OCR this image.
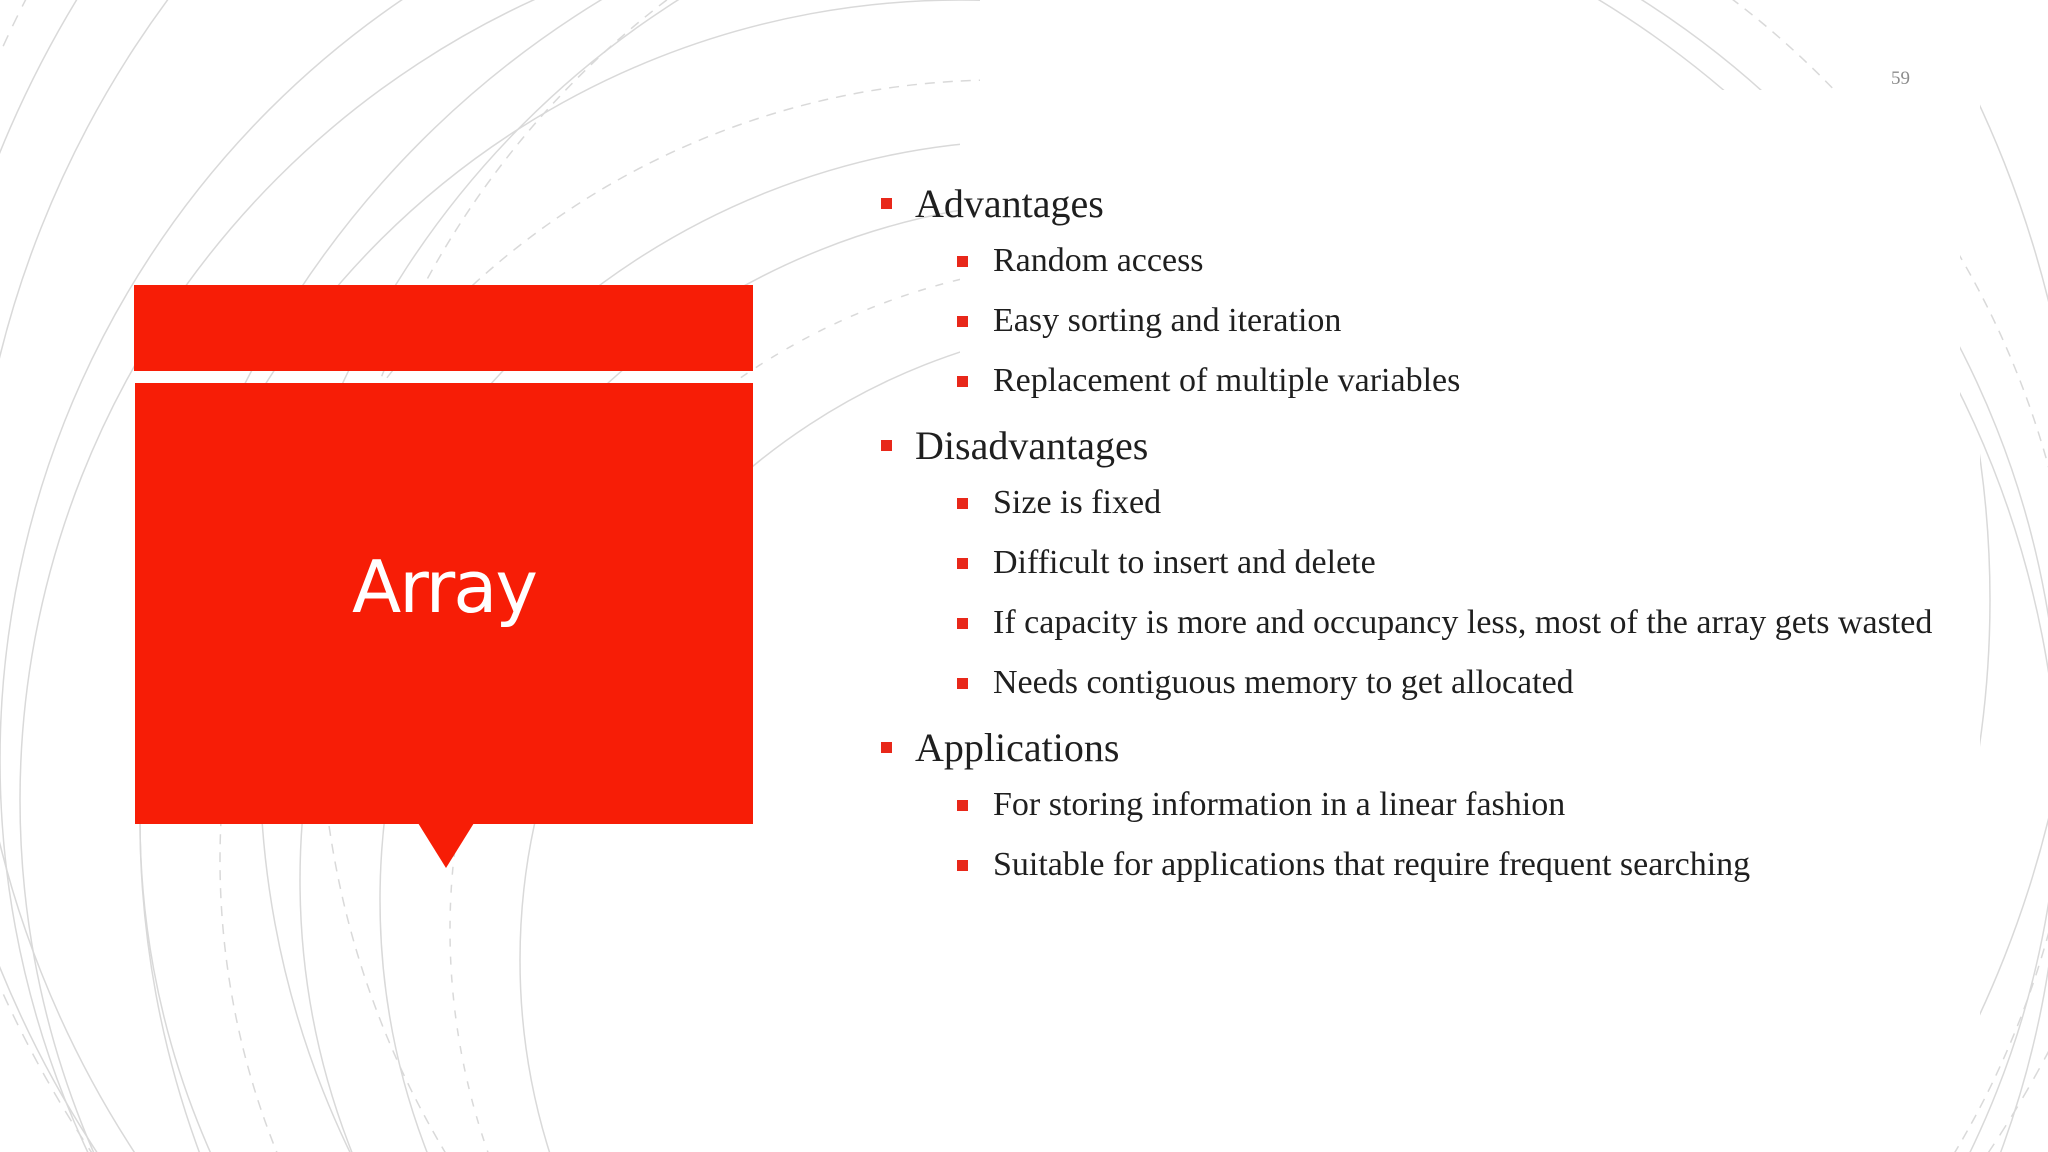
59
Array
Advantages
Random access
Easy sorting and iteration
Replacement of multiple variables
Disadvantages
Size is fixed
Difficult to insert and delete
If capacity is more and occupancy less, most of the array gets wasted
Needs contiguous memory to get allocated
Applications
For storing information in a linear fashion
Suitable for applications that require frequent searching
